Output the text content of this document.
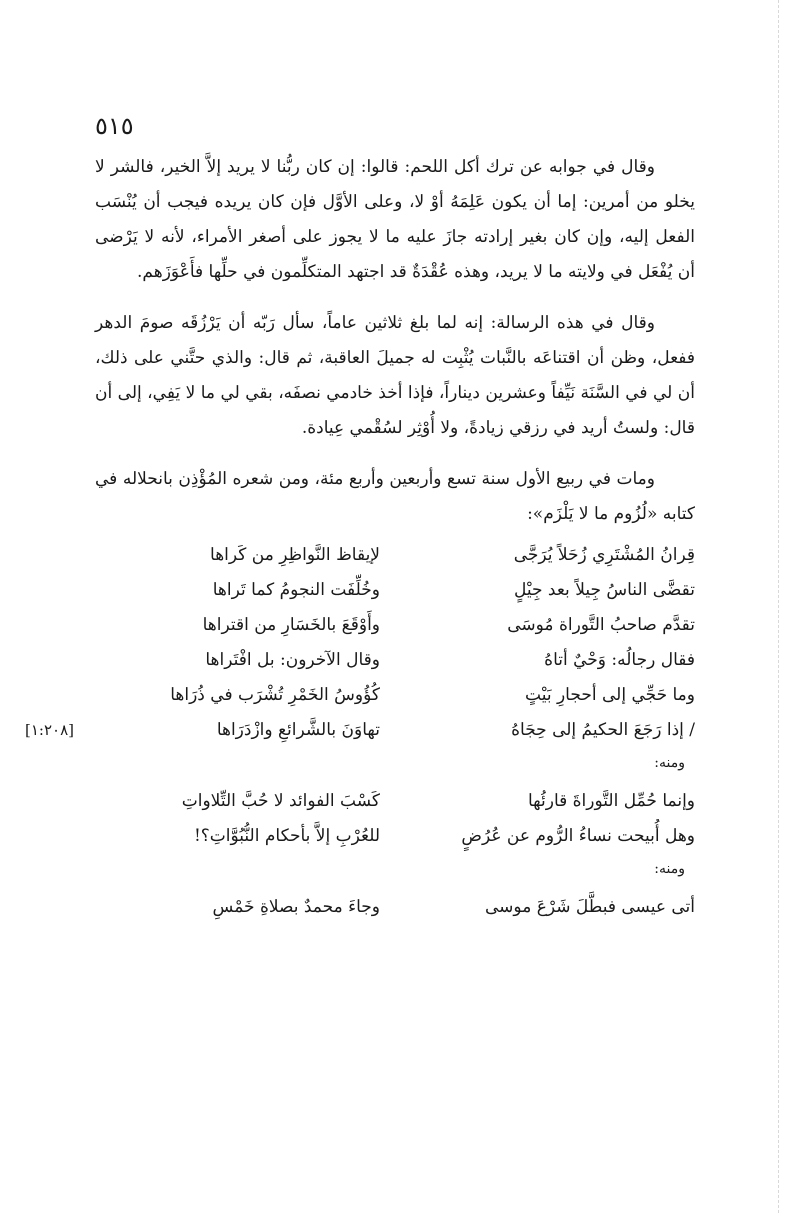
٥١٥

وقال في جوابه عن ترك أكل اللحم: قالوا: إن كان ربُّنا لا يريد إلاَّ الخير، فالشر لا يخلو من أمرين: إما أن يكون عَلِمَهُ أوْ لا، وعلى الأوَّل فإن كان يريده فيجب أن يُنْسَب الفعل إليه، وإن كان بغير إرادته جازَ عليه ما لا يجوز على أصغر الأمراء، لأنه لا يَرْضى أن يُفْعَل في ولايته ما لا يريد، وهذه عُقْدَةٌ قد اجتهد المتكلِّمون في حلِّها فأَعْوَزَهم.

وقال في هذه الرسالة: إنه لما بلغ ثلاثين عاماً، سأل رَبّه أن يَرْزُقَه صومَ الدهر ففعل، وظن أن اقتناعَه بالنَّبات يُثْبِت له جميلَ العاقبة، ثم قال: والذي حتَّني على ذلك، أن لي في السَّنَة نَيِّفاً وعشرين ديناراً، فإذا أخذ خادمي نصفَه، بقي لي ما لا يَفِي، إلى أن قال: ولستُ أريد في رزقي زيادةً، ولا أُوْثِر لسُقْمي عِيادة.

ومات في ربيع الأول سنة تسع وأربعين وأربع مئة، ومن شعره المُؤْذِن بانحلاله في كتابه «لُزُوم ما لا يَلْزَم»:

قِرانُ المُشْتَرِي زُحَلاً يُرَجَّى
لإيقاظ النَّواظِرِ من كَراها
تقضَّى الناسُ جِيلاً بعد جِيْلٍ
وخُلِّفَت النجومُ كما تَراها
تقدَّم صاحبُ التَّوراة مُوسَى
وأَوْقَعَ بالخَسَارِ من اقتراها
فقال رجالُه: وَحْيٌ أتاهُ
وقال الآخرون: بل افْتَراها
وما حَجِّي إلى أحجارِ بَيْتٍ
كُؤُوسُ الخَمْرِ تُشْرَب في ذُرَاها
/ إذا رَجَعَ الحكيمُ إلى حِجَاهُ
تهاوَنَ بالشَّرائعِ وازْدَرَاها
[١:٢٠٨]
ومنه:
وإنما حُمِّل التَّوراةَ قارئُها
كَسْبَ الفوائد لا حُبَّ التِّلاواتِ
وهل أُبيحت نساءُ الرُّوم عن عُرُضٍ
للعُرْبِ إلاَّ بأحكام النُّبُوَّاتِ؟!
ومنه:
أتى عيسى فبطَّلَ شَرْعَ موسى
وجاءَ محمدٌ بصلاةِ خَمْسِ
